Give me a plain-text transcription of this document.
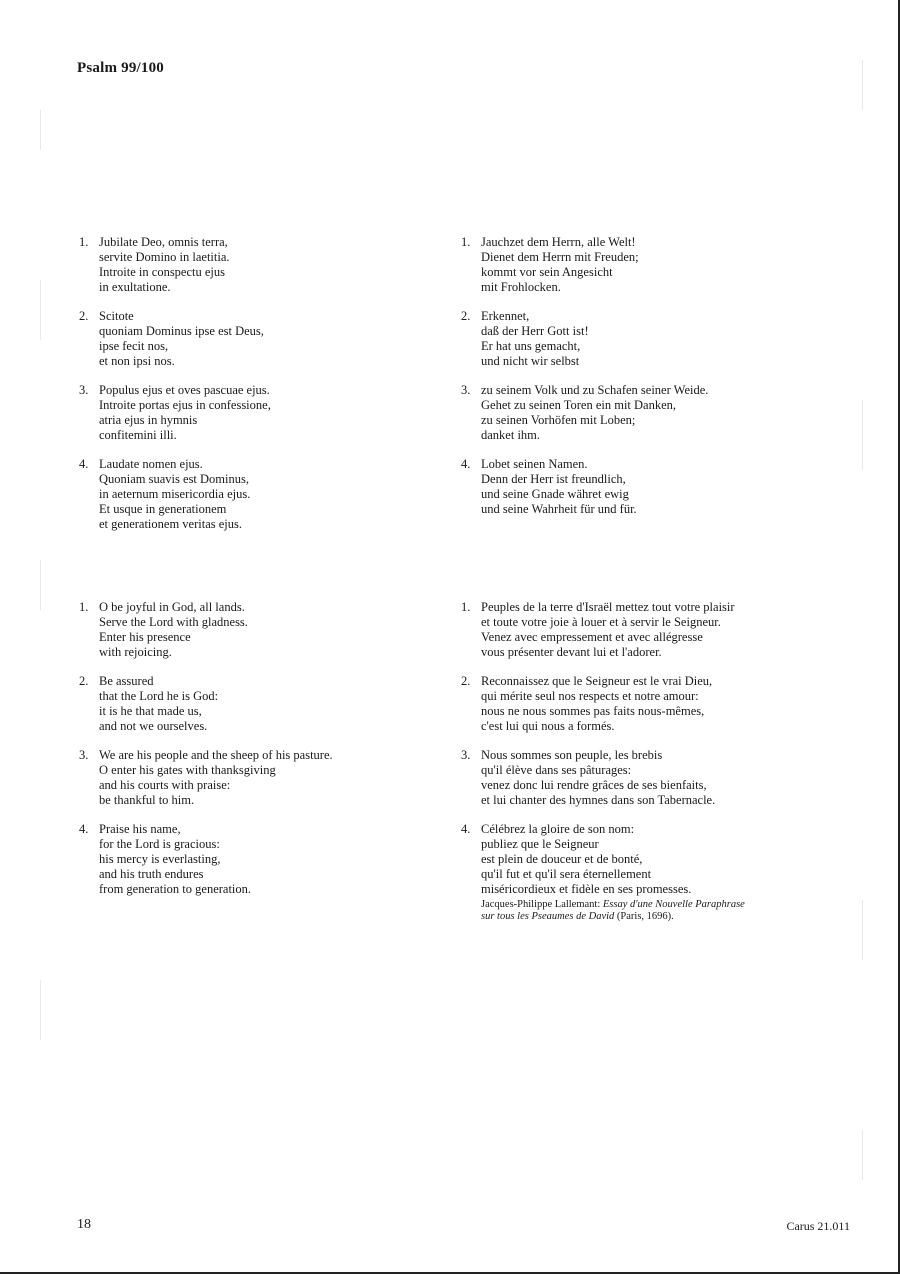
Psalm 99/100
1. Jubilate Deo, omnis terra,
servite Domino in laetitia.
Introite in conspectu ejus
in exultatione.
2. Scitote
quoniam Dominus ipse est Deus,
ipse fecit nos,
et non ipsi nos.
3. Populus ejus et oves pascuae ejus.
Introite portas ejus in confessione,
atria ejus in hymnis
confitemini illi.
4. Laudate nomen ejus.
Quoniam suavis est Dominus,
in aeternum misericordia ejus.
Et usque in generationem
et generationem veritas ejus.
1. Jauchzet dem Herrn, alle Welt!
Dienet dem Herrn mit Freuden;
kommt vor sein Angesicht
mit Frohlocken.
2. Erkennet,
daß der Herr Gott ist!
Er hat uns gemacht,
und nicht wir selbst
3. zu seinem Volk und zu Schafen seiner Weide.
Gehet zu seinen Toren ein mit Danken,
zu seinen Vorhöfen mit Loben;
danket ihm.
4. Lobet seinen Namen.
Denn der Herr ist freundlich,
und seine Gnade währet ewig
und seine Wahrheit für und für.
1. O be joyful in God, all lands.
Serve the Lord with gladness.
Enter his presence
with rejoicing.
2. Be assured
that the Lord he is God:
it is he that made us,
and not we ourselves.
3. We are his people and the sheep of his pasture.
O enter his gates with thanksgiving
and his courts with praise:
be thankful to him.
4. Praise his name,
for the Lord is gracious:
his mercy is everlasting,
and his truth endures
from generation to generation.
1. Peuples de la terre d'Israël mettez tout votre plaisir
et toute votre joie à louer et à servir le Seigneur.
Venez avec empressement et avec allégresse
vous présenter devant lui et l'adorer.
2. Reconnaissez que le Seigneur est le vrai Dieu,
qui mérite seul nos respects et notre amour:
nous ne nous sommes pas faits nous-mêmes,
c'est lui qui nous a formés.
3. Nous sommes son peuple, les brebis
qu'il élève dans ses pâturages:
venez donc lui rendre grâces de ses bienfaits,
et lui chanter des hymnes dans son Tabernacle.
4. Célébrez la gloire de son nom:
publiez que le Seigneur
est plein de douceur et de bonté,
qu'il fut et qu'il sera éternellement
miséricordieux et fidèle en ses promesses.
Jacques-Philippe Lallemant: Essay d'une Nouvelle Paraphrase
sur tous les Pseaumes de David (Paris, 1696).
18	Carus 21.011
